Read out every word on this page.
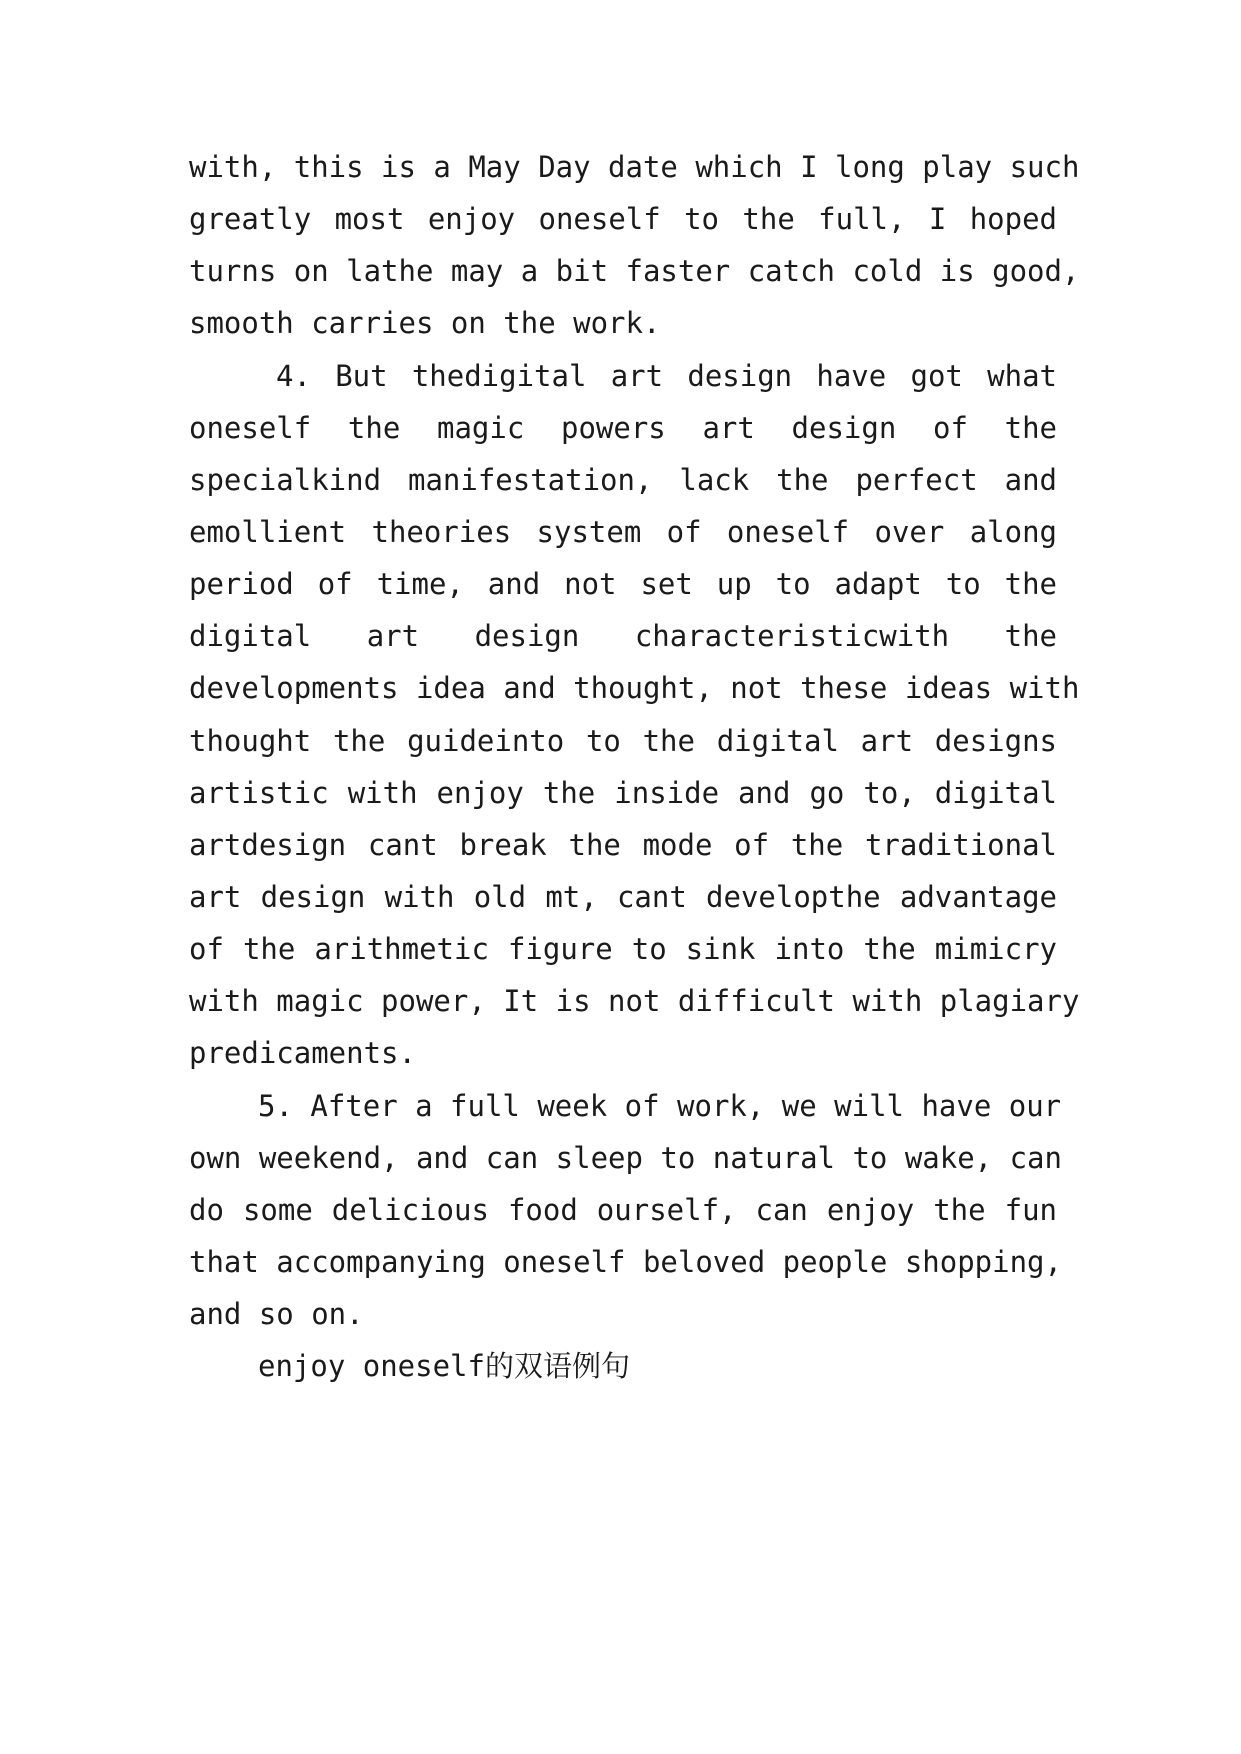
with, this is a May Day date which I long play such
greatly most enjoy oneself to the full, I hoped
turns on lathe may a bit faster catch cold is good,
smooth carries on the work.
4. But thedigital art design have got what
oneself the magic powers art design of the
specialkind manifestation, lack the perfect and
emollient theories system of oneself over along
period of time, and not set up to adapt to the
digital art design characteristicwith the
developments idea and thought, not these ideas with
thought the guideinto to the digital art designs
artistic with enjoy the inside and go to, digital
artdesign cant break the mode of the traditional
art design with old mt, cant developthe advantage
of the arithmetic figure to sink into the mimicry
with magic power, It is not difficult with plagiary
predicaments.
5. After a full week of work, we will have our
own weekend, and can sleep to natural to wake, can
do some delicious food ourself, can enjoy the fun
that accompanying oneself beloved people shopping,
and so on.
enjoy oneself的双语例句
